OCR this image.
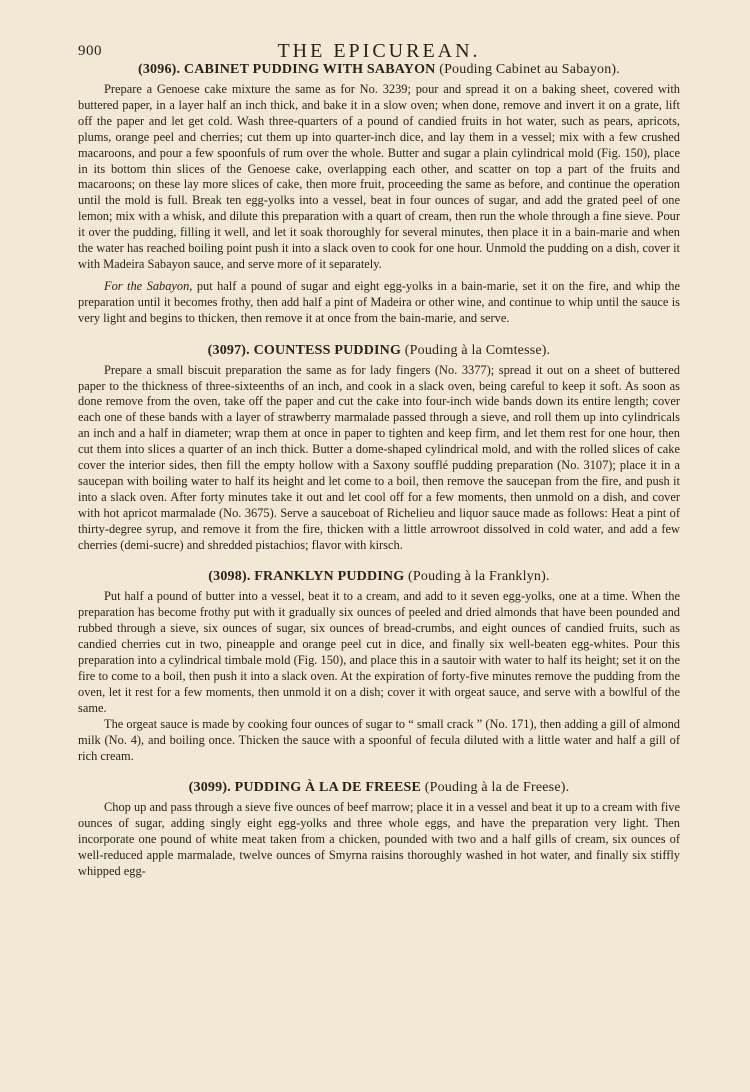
900	THE EPICUREAN.
(3096). CABINET PUDDING WITH SABAYON (Pouding Cabinet au Sabayon).

Prepare a Genoese cake mixture the same as for No. 3239; pour and spread it on a baking sheet, covered with buttered paper, in a layer half an inch thick, and bake it in a slow oven; when done, remove and invert it on a grate, lift off the paper and let get cold. Wash three-quarters of a pound of candied fruits in hot water, such as pears, apricots, plums, orange peel and cherries; cut them up into quarter-inch dice, and lay them in a vessel; mix with a few crushed macaroons, and pour a few spoonfuls of rum over the whole. Butter and sugar a plain cylindrical mold (Fig. 150), place in its bottom thin slices of the Genoese cake, overlapping each other, and scatter on top a part of the fruits and macaroons; on these lay more slices of cake, then more fruit, proceeding the same as before, and continue the operation until the mold is full. Break ten egg-yolks into a vessel, beat in four ounces of sugar, and add the grated peel of one lemon; mix with a whisk, and dilute this preparation with a quart of cream, then run the whole through a fine sieve. Pour it over the pudding, filling it well, and let it soak thoroughly for several minutes, then place it in a bain-marie and when the water has reached boiling point push it into a slack oven to cook for one hour. Unmold the pudding on a dish, cover it with Madeira Sabayon sauce, and serve more of it separately.

For the Sabayon, put half a pound of sugar and eight egg-yolks in a bain-marie, set it on the fire, and whip the preparation until it becomes frothy, then add half a pint of Madeira or other wine, and continue to whip until the sauce is very light and begins to thicken, then remove it at once from the bain-marie, and serve.

(3097). COUNTESS PUDDING (Pouding à la Comtesse).

Prepare a small biscuit preparation the same as for lady fingers (No. 3377); spread it out on a sheet of buttered paper to the thickness of three-sixteenths of an inch, and cook in a slack oven, being careful to keep it soft. As soon as done remove from the oven, take off the paper and cut the cake into four-inch wide bands down its entire length; cover each one of these bands with a layer of strawberry marmalade passed through a sieve, and roll them up into cylindricals an inch and a half in diameter; wrap them at once in paper to tighten and keep firm, and let them rest for one hour, then cut them into slices a quarter of an inch thick. Butter a dome-shaped cylindrical mold, and with the rolled slices of cake cover the interior sides, then fill the empty hollow with a Saxony soufflé pudding preparation (No. 3107); place it in a saucepan with boiling water to half its height and let come to a boil, then remove the saucepan from the fire, and push it into a slack oven. After forty minutes take it out and let cool off for a few moments, then unmold on a dish, and cover with hot apricot marmalade (No. 3675). Serve a sauceboat of Richelieu and liquor sauce made as follows: Heat a pint of thirty-degree syrup, and remove it from the fire, thicken with a little arrowroot dissolved in cold water, and add a few cherries (demi-sucre) and shredded pistachios; flavor with kirsch.

(3098). FRANKLYN PUDDING (Pouding à la Franklyn).

Put half a pound of butter into a vessel, beat it to a cream, and add to it seven egg-yolks, one at a time. When the preparation has become frothy put with it gradually six ounces of peeled and dried almonds that have been pounded and rubbed through a sieve, six ounces of sugar, six ounces of bread-crumbs, and eight ounces of candied fruits, such as candied cherries cut in two, pineapple and orange peel cut in dice, and finally six well-beaten egg-whites. Pour this preparation into a cylindrical timbale mold (Fig. 150), and place this in a sautoir with water to half its height; set it on the fire to come to a boil, then push it into a slack oven. At the expiration of forty-five minutes remove the pudding from the oven, let it rest for a few moments, then unmold it on a dish; cover it with orgeat sauce, and serve with a bowlful of the same.

The orgeat sauce is made by cooking four ounces of sugar to “ small crack ” (No. 171), then adding a gill of almond milk (No. 4), and boiling once. Thicken the sauce with a spoonful of fecula diluted with a little water and half a gill of rich cream.

(3099). PUDDING À LA DE FREESE (Pouding à la de Freese).

Chop up and pass through a sieve five ounces of beef marrow; place it in a vessel and beat it up to a cream with five ounces of sugar, adding singly eight egg-yolks and three whole eggs, and have the preparation very light. Then incorporate one pound of white meat taken from a chicken, pounded with two and a half gills of cream, six ounces of well-reduced apple marmalade, twelve ounces of Smyrna raisins thoroughly washed in hot water, and finally six stiffly whipped egg-
